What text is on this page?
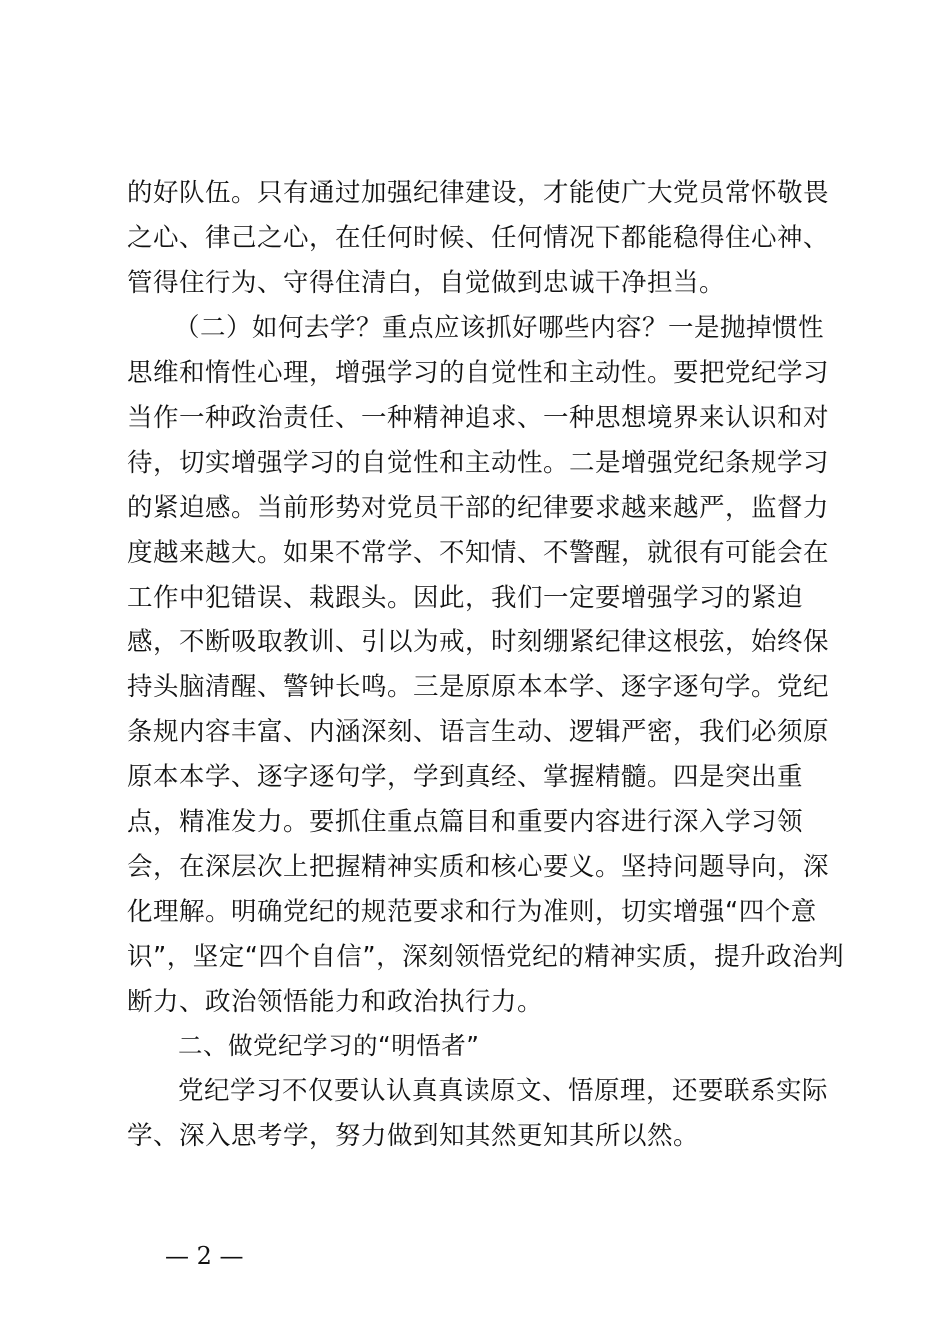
的好队伍。只有通过加强纪律建设，才能使广大党员常怀敬畏
之心、律己之心，在任何时候、任何情况下都能稳得住心神、
管得住行为、守得住清白，自觉做到忠诚干净担当。
（二）如何去学？重点应该抓好哪些内容？一是抛掉惯性
思维和惰性心理，增强学习的自觉性和主动性。要把党纪学习
当作一种政治责任、一种精神追求、一种思想境界来认识和对
待，切实增强学习的自觉性和主动性。二是增强党纪条规学习
的紧迫感。当前形势对党员干部的纪律要求越来越严，监督力
度越来越大。如果不常学、不知情、不警醒，就很有可能会在
工作中犯错误、栽跟头。因此，我们一定要增强学习的紧迫
感，不断吸取教训、引以为戒，时刻绷紧纪律这根弦，始终保
持头脑清醒、警钟长鸣。三是原原本本学、逐字逐句学。党纪
条规内容丰富、内涵深刻、语言生动、逻辑严密，我们必须原
原本本学、逐字逐句学，学到真经、掌握精髓。四是突出重
点，精准发力。要抓住重点篇目和重要内容进行深入学习领
会，在深层次上把握精神实质和核心要义。坚持问题导向，深
化理解。明确党纪的规范要求和行为准则，切实增强“四个意
识”，坚定“四个自信”，深刻领悟党纪的精神实质，提升政治判
断力、政治领悟能力和政治执行力。
二、做党纪学习的“明悟者”
党纪学习不仅要认认真真读原文、悟原理，还要联系实际
学、深入思考学，努力做到知其然更知其所以然。
— 2 —
